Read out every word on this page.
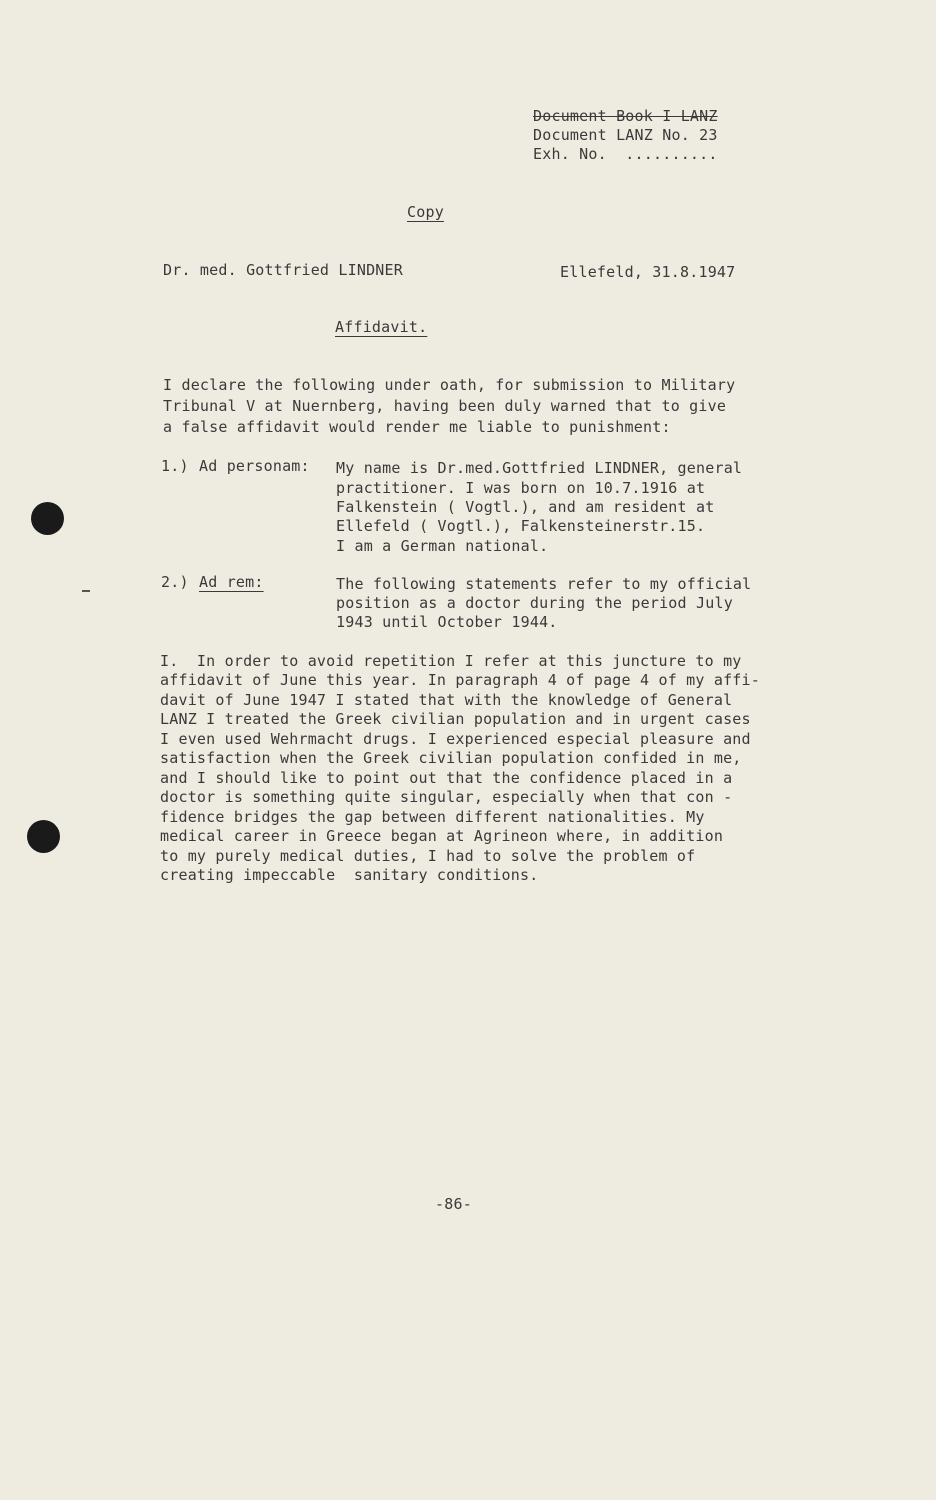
Document Book I LANZ
Document LANZ No. 23
Exh. No.  ..........
Copy
Dr. med. Gottfried LINDNER	Ellefeld, 31.8.1947
Affidavit.
I declare the following under oath, for submission to Military
Tribunal V at Nuernberg, having been duly warned that to give
a false affidavit would render me liable to punishment:
1.) Ad personam: My name is Dr.med.Gottfried LINDNER, general
practitioner. I was born on 10.7.1916 at
Falkenstein ( Vogtl.), and am resident at
Ellefeld ( Vogtl.), Falkensteinerstr.15.
I am a German national.
2.) Ad rem:	The following statements refer to my official
position as a doctor during the period July
1943 until October 1944.
I.  In order to avoid repetition I refer at this juncture to my
affidavit of June this year. In paragraph 4 of page 4 of my affi-
davit of June 1947 I stated that with the knowledge of General
LANZ I treated the Greek civilian population and in urgent cases
I even used Wehrmacht drugs. I experienced especial pleasure and
satisfaction when the Greek civilian population confided in me,
and I should like to point out that the confidence placed in a
doctor is something quite singular, especially when that con -
fidence bridges the gap between different nationalities. My
medical career in Greece began at Agrineon where, in addition
to my purely medical duties, I had to solve the problem of
creating impeccable  sanitary conditions.
-86-
